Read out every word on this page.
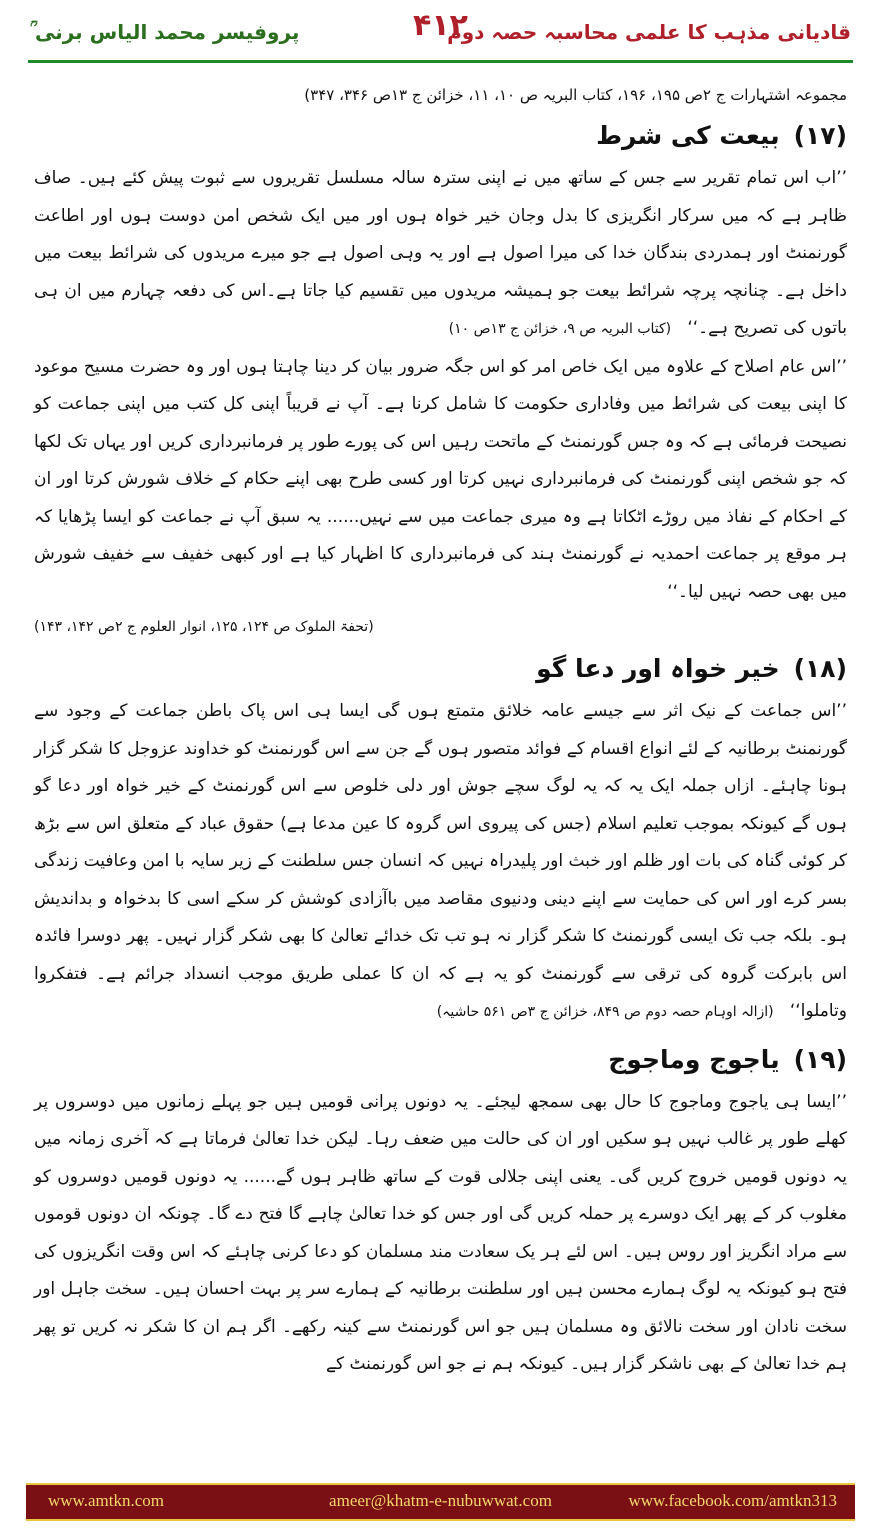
قادیانی مذہب کا علمی محاسبہ حصہ دوم
۴۱۲
پروفیسر محمد الیاس برنی ؒ

مجموعہ اشتہارات ج ۲ص ۱۹۵، ۱۹۶، کتاب البریہ ص ۱۰، ۱۱، خزائن ج ۱۳ص ۳۴۶، ۳۴۷)

(۱۷)بیعت کی شرط

’’اب اس تمام تقریر سے جس کے ساتھ میں نے اپنی سترہ سالہ مسلسل تقریروں سے ثبوت پیش کئے ہیں۔ صاف ظاہر ہے کہ میں سرکار انگریزی کا بدل وجان خیر خواہ ہوں اور میں ایک شخص امن دوست ہوں اور اطاعت گورنمنٹ اور ہمدردی بندگان خدا کی میرا اصول ہے اور یہ وہی اصول ہے جو میرے مریدوں کی شرائط بیعت میں داخل ہے۔ چنانچہ پرچہ شرائط بیعت جو ہمیشہ مریدوں میں تقسیم کیا جاتا ہے۔اس کی دفعہ چہارم میں ان ہی باتوں کی تصریح ہے۔‘‘   (کتاب البریہ ص ۹، خزائن ج ۱۳ص ۱۰)

’’اس عام اصلاح کے علاوہ میں ایک خاص امر کو اس جگہ ضرور بیان کر دینا چاہتا ہوں اور وہ حضرت مسیح موعود کا اپنی بیعت کی شرائط میں وفاداری حکومت کا شامل کرنا ہے۔ آپ نے قریباً اپنی کل کتب میں اپنی جماعت کو نصیحت فرمائی ہے کہ وہ جس گورنمنٹ کے ماتحت رہیں اس کی پورے طور پر فرمانبرداری کریں اور یہاں تک لکھا کہ جو شخص اپنی گورنمنٹ کی فرمانبرداری نہیں کرتا اور کسی طرح بھی اپنے حکام کے خلاف شورش کرتا اور ان کے احکام کے نفاذ میں روڑے اٹکاتا ہے وہ میری جماعت میں سے نہیں...... یہ سبق آپ نے جماعت کو ایسا پڑھایا کہ ہر موقع پر جماعت احمدیہ نے گورنمنٹ ہند کی فرمانبرداری کا اظہار کیا ہے اور کبھی خفیف سے خفیف شورش میں بھی حصہ نہیں لیا۔‘‘

(تحفۃ الملوک ص ۱۲۴، ۱۲۵، انوار العلوم ج ۲ص ۱۴۲، ۱۴۳)

(۱۸)خیر خواہ اور دعا گو

’’اس جماعت کے نیک اثر سے جیسے عامہ خلائق متمتع ہوں گی ایسا ہی اس پاک باطن جماعت کے وجود سے گورنمنٹ برطانیہ کے لئے انواع اقسام کے فوائد متصور ہوں گے جن سے اس گورنمنٹ کو خداوند عزوجل کا شکر گزار ہونا چاہئے۔ ازاں جملہ ایک یہ کہ یہ لوگ سچے جوش اور دلی خلوص سے اس گورنمنٹ کے خیر خواہ اور دعا گو ہوں گے کیونکہ بموجب تعلیم اسلام (جس کی پیروی اس گروہ کا عین مدعا ہے) حقوق عباد کے متعلق اس سے بڑھ کر کوئی گناہ کی بات اور ظلم اور خبث اور پلیدراہ نہیں کہ انسان جس سلطنت کے زیر سایہ با امن وعافیت زندگی بسر کرے اور اس کی حمایت سے اپنے دینی ودنیوی مقاصد میں باآزادی کوشش کر سکے اسی کا بدخواہ و بداندیش ہو۔ بلکہ جب تک ایسی گورنمنٹ کا شکر گزار نہ ہو تب تک خدائے تعالیٰ کا بھی شکر گزار نہیں۔ پھر دوسرا فائدہ اس بابرکت گروہ کی ترقی سے گورنمنٹ کو یہ ہے کہ ان کا عملی طریق موجب انسداد جرائم ہے۔ فتفکروا وتاملوا‘‘   (ازالہ اوہام حصہ دوم ص ۸۴۹، خزائن ج ۳ص ۵۶۱ حاشیہ)

(۱۹)یاجوج وماجوج

’’ایسا ہی یاجوج وماجوج کا حال بھی سمجھ لیجئے۔ یہ دونوں پرانی قومیں ہیں جو پہلے زمانوں میں دوسروں پر کھلے طور پر غالب نہیں ہو سکیں اور ان کی حالت میں ضعف رہا۔ لیکن خدا تعالیٰ فرماتا ہے کہ آخری زمانہ میں یہ دونوں قومیں خروج کریں گی۔ یعنی اپنی جلالی قوت کے ساتھ ظاہر ہوں گے...... یہ دونوں قومیں دوسروں کو مغلوب کر کے پھر ایک دوسرے پر حملہ کریں گی اور جس کو خدا تعالیٰ چاہے گا فتح دے گا۔ چونکہ ان دونوں قوموں سے مراد انگریز اور روس ہیں۔ اس لئے ہر یک سعادت مند مسلمان کو دعا کرنی چاہئے کہ اس وقت انگریزوں کی فتح ہو کیونکہ یہ لوگ ہمارے محسن ہیں اور سلطنت برطانیہ کے ہمارے سر پر بہت احسان ہیں۔ سخت جاہل اور سخت نادان اور سخت نالائق وہ مسلمان ہیں جو اس گورنمنٹ سے کینہ رکھے۔ اگر ہم ان کا شکر نہ کریں تو پھر ہم خدا تعالیٰ کے بھی ناشکر گزار ہیں۔ کیونکہ ہم نے جو اس گورنمنٹ کے

www.amtkn.com	ameer@khatm-e-nubuwwat.com	www.facebook.com/amtkn313
